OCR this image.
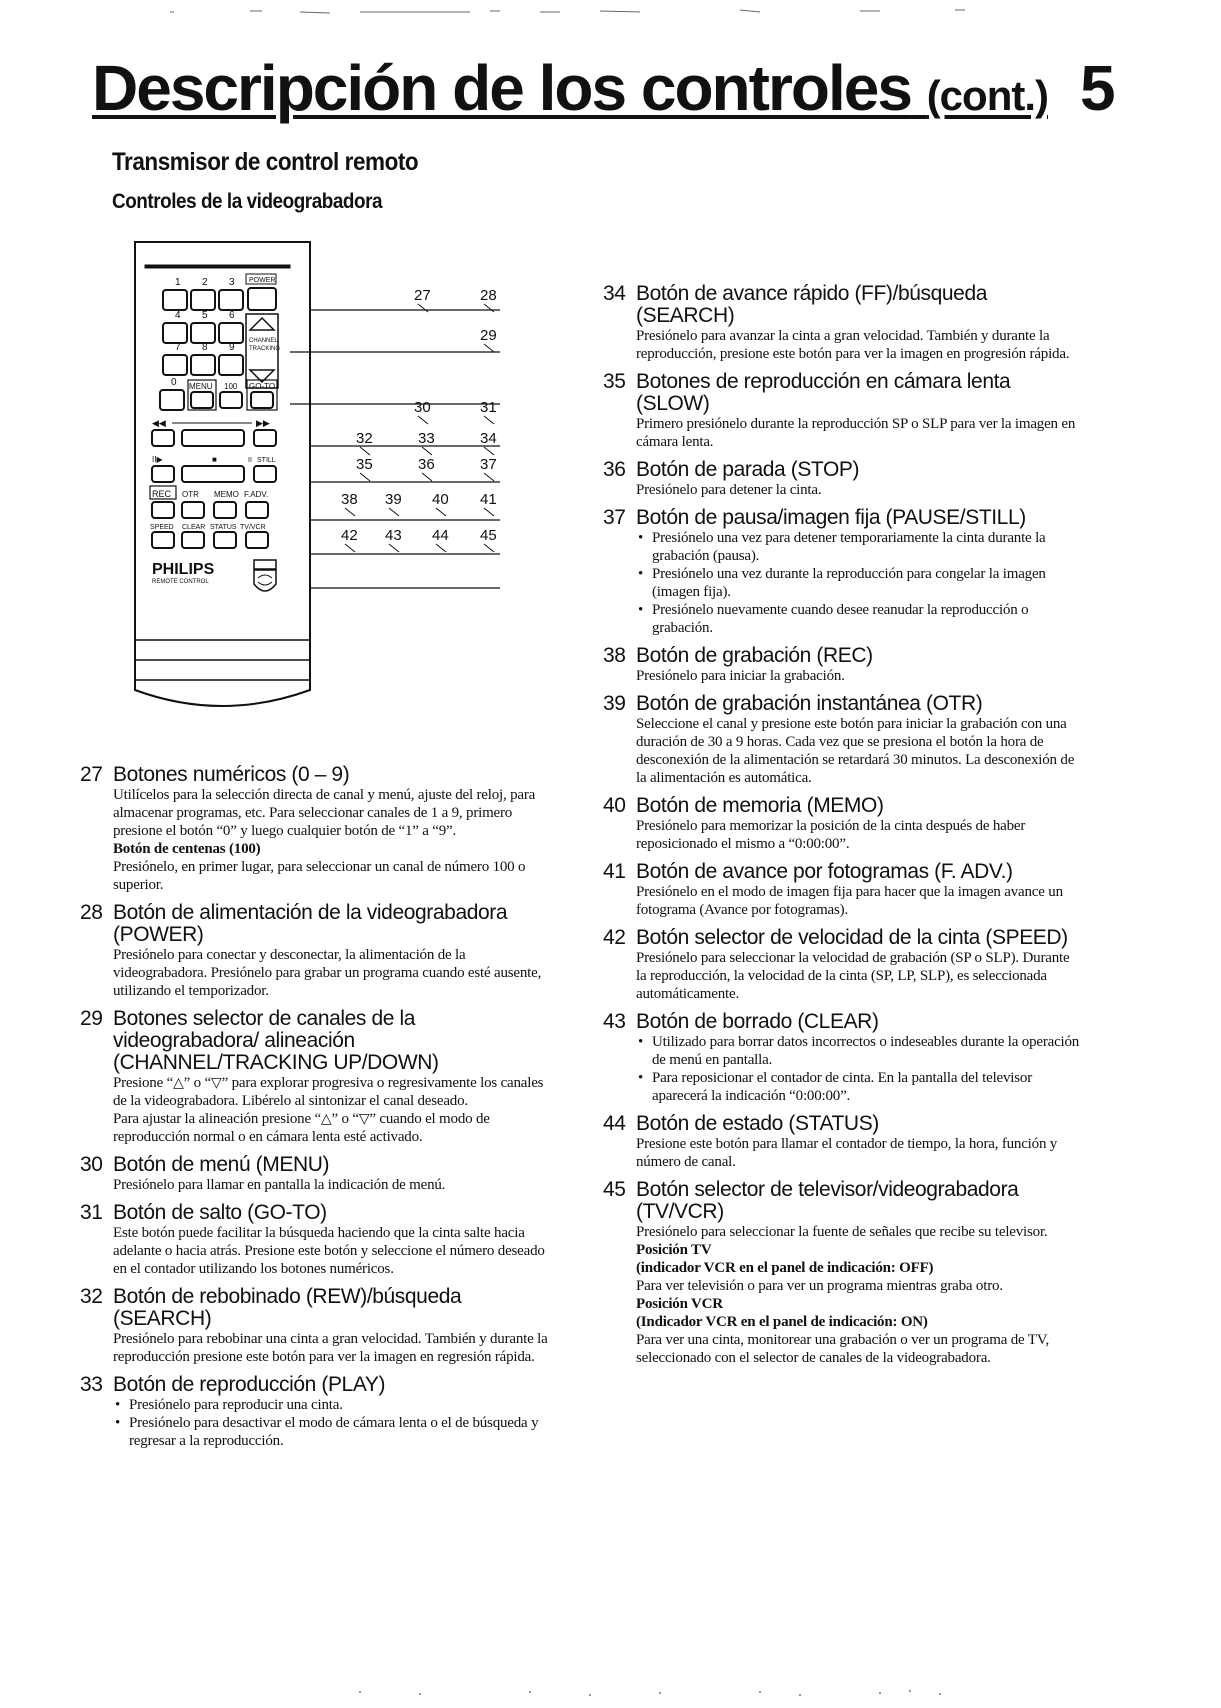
Descripción de los controles (cont.) 5
Transmisor de control remoto
Controles de la videograbadora
1 2 3 POWER
4 5 6
CHANNEL
TRACKING
7 8 9
0 MENU 100 GO-TO
◀◀	▶▶
II▶	■	II STILL
REC OTR MEMO F.ADV.
SPEED CLEAR STATUS TV/VCR
PHILIPS
REMOTE CONTROL
27	28
29
30	31
32	33	34
35	36	37
38 39 40 41
42 43 44 45
27 Botones numéricos (0 – 9)

Utilícelos para la selección directa de canal y menú, ajuste del reloj, para almacenar programas, etc. Para seleccionar canales de 1 a 9, primero presione el botón “0” y luego cualquier botón de “1” a “9”.

Botón de centenas (100)

Presiónelo, en primer lugar, para seleccionar un canal de número 100 o superior.

28 Botón de alimentación de la videograbadora (POWER)

Presiónelo para conectar y desconectar, la alimentación de la videograbadora. Presiónelo para grabar un programa cuando esté ausente, utilizando el temporizador.

29 Botones selector de canales de la videograbadora/ alineación (CHANNEL/TRACKING UP/DOWN)

Presione “△” o “▽” para explorar progresiva o regresivamente los canales de la videograbadora. Libérelo al sintonizar el canal deseado.

Para ajustar la alineación presione “△” o “▽” cuando el modo de reproducción normal o en cámara lenta esté activado.

30 Botón de menú (MENU)

Presiónelo para llamar en pantalla la indicación de menú.

31 Botón de salto (GO-TO)

Este botón puede facilitar la búsqueda haciendo que la cinta salte hacia adelante o hacia atrás. Presione este botón y seleccione el número deseado en el contador utilizando los botones numéricos.

32 Botón de rebobinado (REW)/búsqueda (SEARCH)

Presiónelo para rebobinar una cinta a gran velocidad. También y durante la reproducción presione este botón para ver la imagen en regresión rápida.

33 Botón de reproducción (PLAY)
• Presiónelo para reproducir una cinta.
• Presiónelo para desactivar el modo de cámara lenta o el de búsqueda y regresar a la reproducción.
34 Botón de avance rápido (FF)/búsqueda (SEARCH)

Presiónelo para avanzar la cinta a gran velocidad. También y durante la reproducción, presione este botón para ver la imagen en progresión rápida.

35 Botones de reproducción en cámara lenta (SLOW)

Primero presiónelo durante la reproducción SP o SLP para ver la imagen en cámara lenta.

36 Botón de parada (STOP)

Presiónelo para detener la cinta.

37 Botón de pausa/imagen fija (PAUSE/STILL)
• Presiónelo una vez para detener temporariamente la cinta durante la grabación (pausa).
• Presiónelo una vez durante la reproducción para congelar la imagen (imagen fija).
• Presiónelo nuevamente cuando desee reanudar la reproducción o grabación.
38 Botón de grabación (REC)

Presiónelo para iniciar la grabación.

39 Botón de grabación instantánea (OTR)

Seleccione el canal y presione este botón para iniciar la grabación con una duración de 30 a 9 horas. Cada vez que se presiona el botón la hora de desconexión de la alimentación se retardará 30 minutos. La desconexión de la alimentación es automática.

40 Botón de memoria (MEMO)

Presiónelo para memorizar la posición de la cinta después de haber reposicionado el mismo a “0:00:00”.

41 Botón de avance por fotogramas (F. ADV.)

Presiónelo en el modo de imagen fija para hacer que la imagen avance un fotograma (Avance por fotogramas).

42 Botón selector de velocidad de la cinta (SPEED)

Presiónelo para seleccionar la velocidad de grabación (SP o SLP). Durante la reproducción, la velocidad de la cinta (SP, LP, SLP), es seleccionada automáticamente.

43 Botón de borrado (CLEAR)
• Utilizado para borrar datos incorrectos o indeseables durante la operación de menú en pantalla.
• Para reposicionar el contador de cinta. En la pantalla del televisor aparecerá la indicación “0:00:00”.
44 Botón de estado (STATUS)

Presione este botón para llamar el contador de tiempo, la hora, función y número de canal.

45 Botón selector de televisor/videograbadora (TV/VCR)

Presiónelo para seleccionar la fuente de señales que recibe su televisor.

Posición TV

(indicador VCR en el panel de indicación: OFF)

Para ver televisión o para ver un programa mientras graba otro.

Posición VCR

(Indicador VCR en el panel de indicación: ON)

Para ver una cinta, monitorear una grabación o ver un programa de TV, seleccionado con el selector de canales de la videograbadora.
